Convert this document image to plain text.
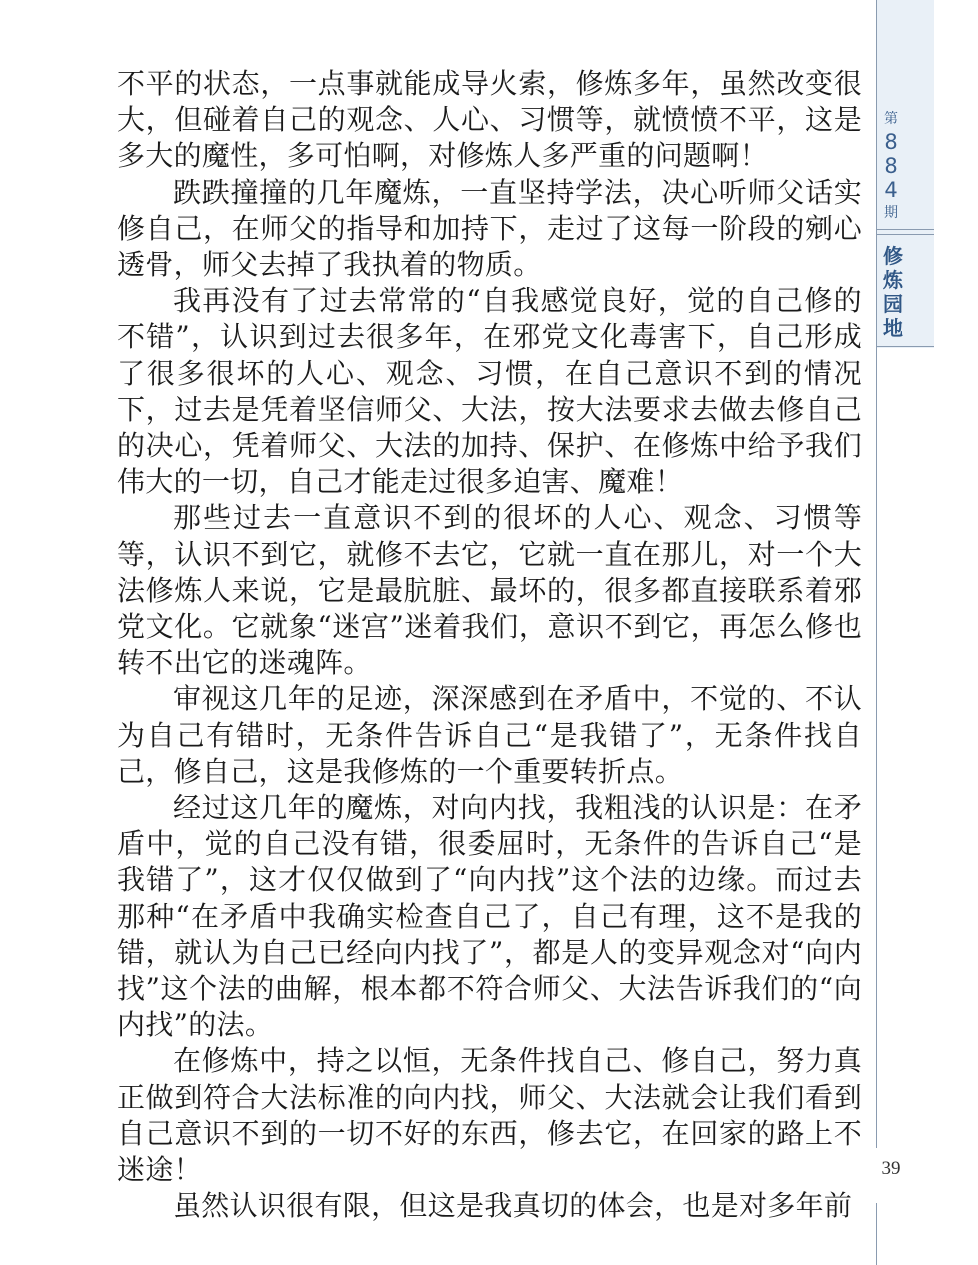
第
8
8
4
期
修
炼
园
地

不平的状态，一点事就能成导火索，修炼多年，虽然改变很大，但碰着自己的观念、人心、习惯等，就愤愤不平，这是多大的魔性，多可怕啊，对修炼人多严重的问题啊！

跌跌撞撞的几年魔炼，一直坚持学法，决心听师父话实修自己，在师父的指导和加持下，走过了这每一阶段的剜心透骨，师父去掉了我执着的物质。

我再没有了过去常常的“自我感觉良好，觉的自己修的不错”，认识到过去很多年，在邪党文化毒害下，自己形成了很多很坏的人心、观念、习惯，在自己意识不到的情况下，过去是凭着坚信师父、大法，按大法要求去做去修自己的决心，凭着师父、大法的加持、保护、在修炼中给予我们伟大的一切，自己才能走过很多迫害、魔难！

那些过去一直意识不到的很坏的人心、观念、习惯等等，认识不到它，就修不去它，它就一直在那儿，对一个大法修炼人来说，它是最肮脏、最坏的，很多都直接联系着邪党文化。它就象“迷宫”迷着我们，意识不到它，再怎么修也转不出它的迷魂阵。

审视这几年的足迹，深深感到在矛盾中，不觉的、不认为自己有错时，无条件告诉自己“是我错了”，无条件找自己，修自己，这是我修炼的一个重要转折点。

经过这几年的魔炼，对向内找，我粗浅的认识是：在矛盾中，觉的自己没有错，很委屈时，无条件的告诉自己“是我错了”，这才仅仅做到了“向内找”这个法的边缘。而过去那种“在矛盾中我确实检查自己了，自己有理，这不是我的错，就认为自己已经向内找了”，都是人的变异观念对“向内找”这个法的曲解，根本都不符合师父、大法告诉我们的“向内找”的法。

在修炼中，持之以恒，无条件找自己、修自己，努力真正做到符合大法标准的向内找，师父、大法就会让我们看到自己意识不到的一切不好的东西，修去它，在回家的路上不迷途！

虽然认识很有限，但这是我真切的体会，也是对多年前

39
